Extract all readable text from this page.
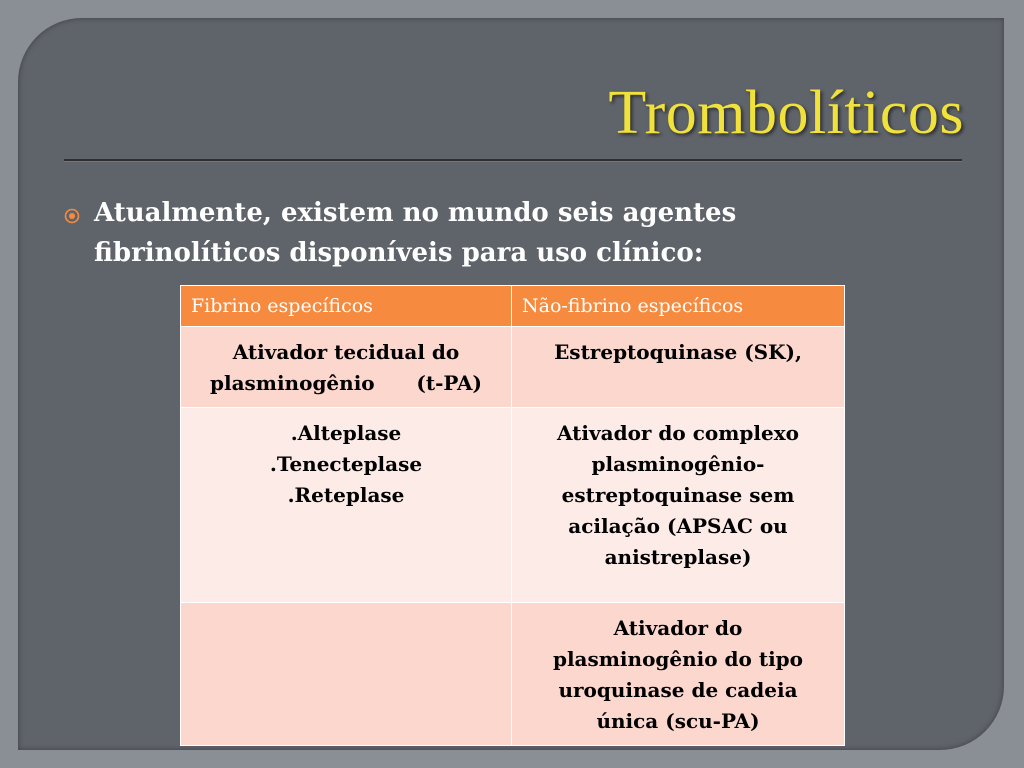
Trombolíticos
Atualmente, existem no mundo seis agentes fibrinolíticos disponíveis para uso clínico:
Fibrino específicos	Não-fibrino específicos

Ativador tecidual do
plasminogênio      (t-PA)	Estreptoquinase (SK),

.Alteplase
.Tenecteplase
.Reteplase	Ativador do complexo
plasminogênio-
estreptoquinase sem
acilação (APSAC ou
anistreplase)

	Ativador do
plasminogênio do tipo
uroquinase de cadeia
única (scu-PA)
